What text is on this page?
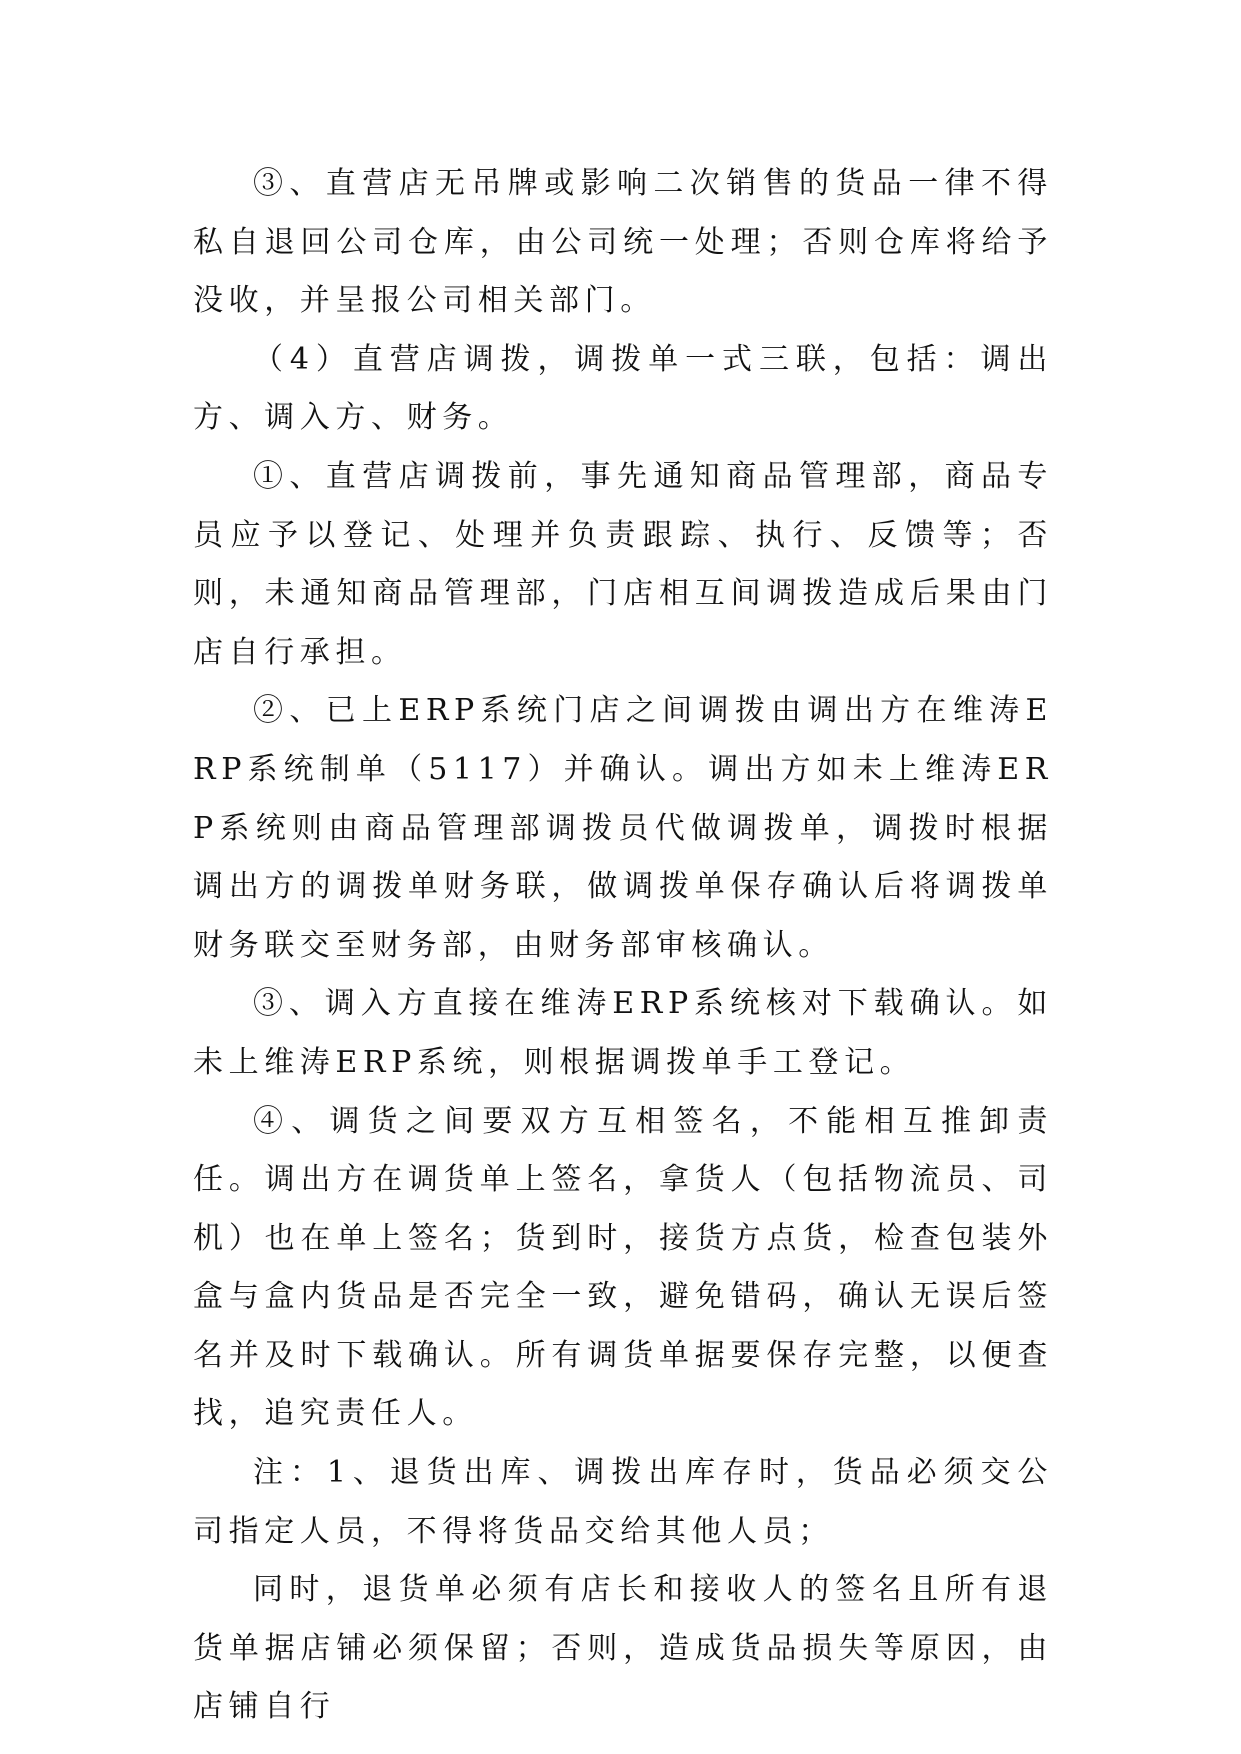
③、直营店无吊牌或影响二次销售的货品一律不得私自退回公司仓库，由公司统一处理；否则仓库将给予没收，并呈报公司相关部门。

（4）直营店调拨，调拨单一式三联，包括：调出方、调入方、财务。

①、直营店调拨前，事先通知商品管理部，商品专员应予以登记、处理并负责跟踪、执行、反馈等；否则，未通知商品管理部，门店相互间调拨造成后果由门店自行承担。

②、已上ERP系统门店之间调拨由调出方在维涛ERP系统制单（5117）并确认。调出方如未上维涛ERP系统则由商品管理部调拨员代做调拨单，调拨时根据调出方的调拨单财务联，做调拨单保存确认后将调拨单财务联交至财务部，由财务部审核确认。

③、调入方直接在维涛ERP系统核对下载确认。如未上维涛ERP系统，则根据调拨单手工登记。

④、调货之间要双方互相签名，不能相互推卸责任。调出方在调货单上签名，拿货人（包括物流员、司机）也在单上签名；货到时，接货方点货，检查包装外盒与盒内货品是否完全一致，避免错码，确认无误后签名并及时下载确认。所有调货单据要保存完整，以便查找，追究责任人。

注：1、退货出库、调拨出库存时，货品必须交公司指定人员，不得将货品交给其他人员；

同时，退货单必须有店长和接收人的签名且所有退货单据店铺必须保留；否则，造成货品损失等原因，由店铺自行
